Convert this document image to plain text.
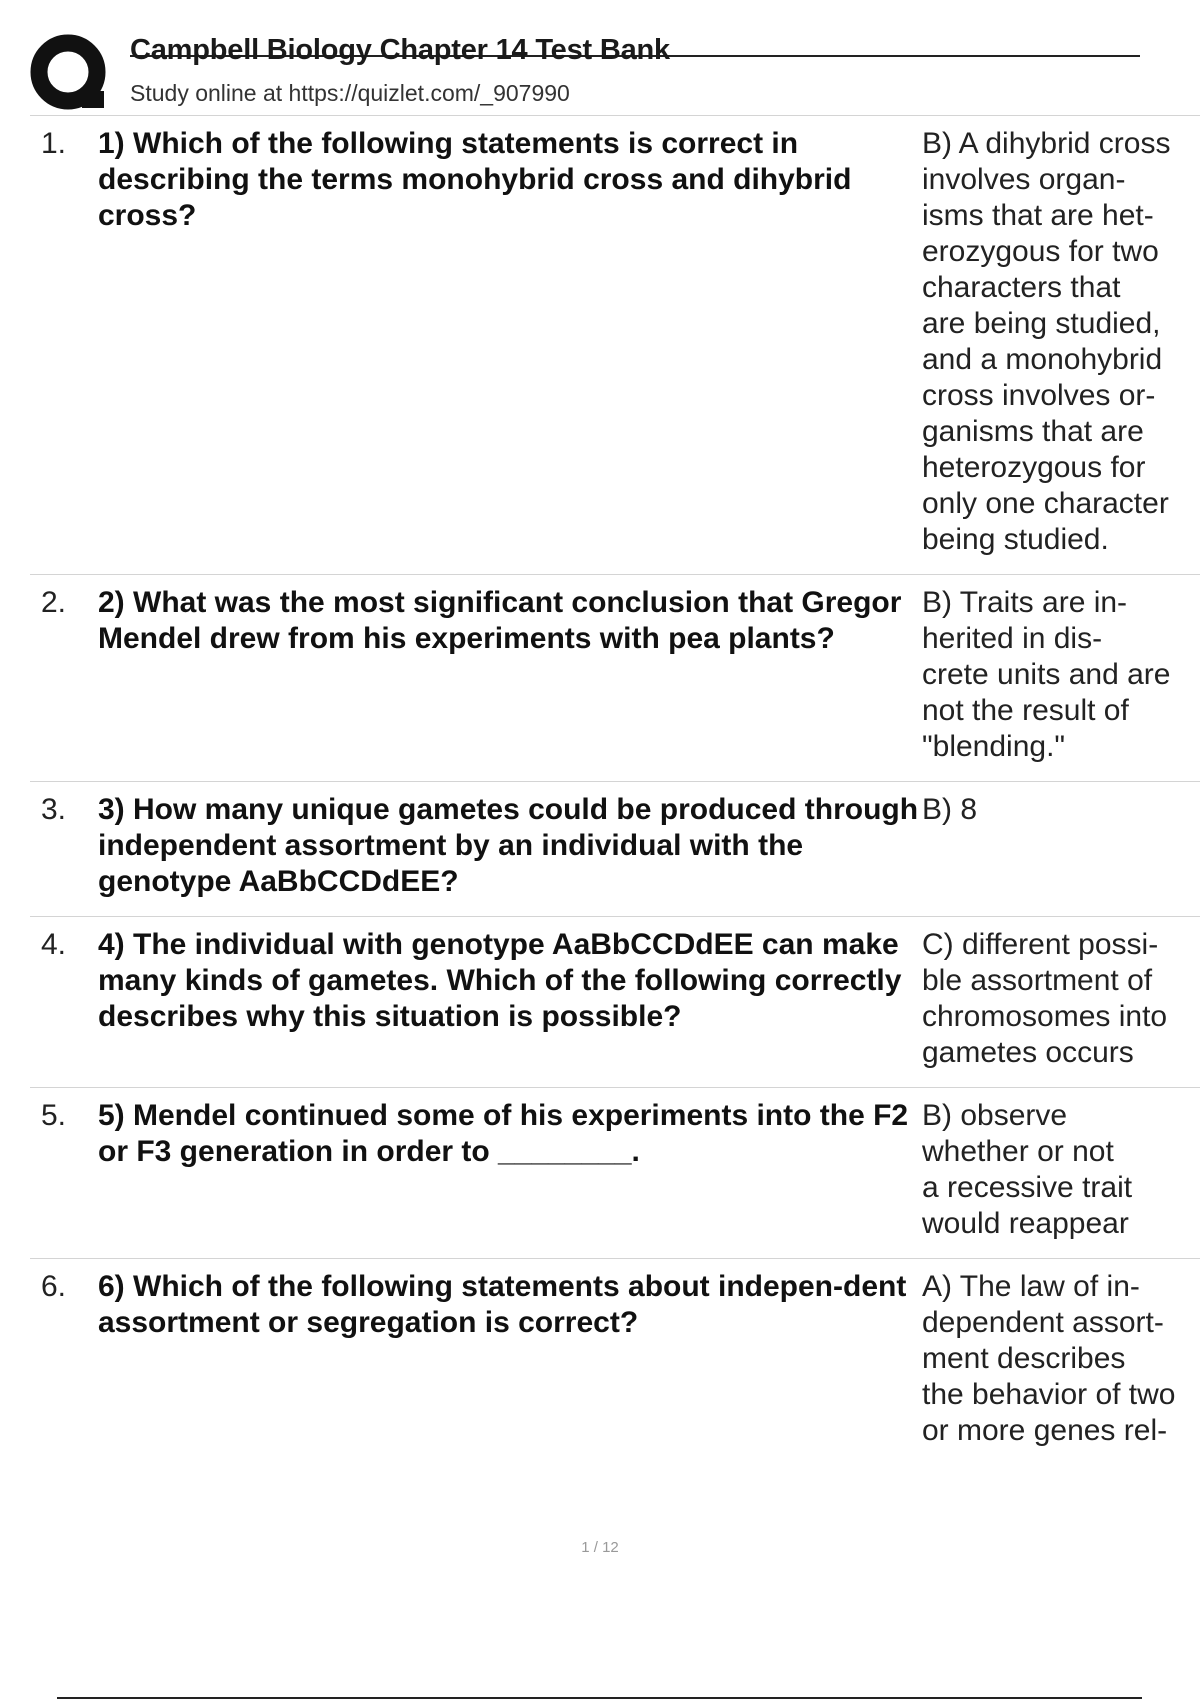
Campbell Biology Chapter 14 Test Bank
Study online at https://quizlet.com/_907990
1.	1) Which of the following statements is correct in describing the terms monohybrid cross and dihybrid cross?
B) A dihybrid cross
involves organ-
isms that are het-
erozygous for two
characters that
are being studied,
and a monohybrid
cross involves or-
ganisms that are
heterozygous for
only one character
being studied.
2.	2) What was the most significant conclusion that Gregor Mendel drew from his experiments with pea plants?
B) Traits are in-
herited in dis-
crete units and are
not the result of
"blending."
3.	3) How many unique gametes could be produced through independent assortment by an individual with the genotype AaBbCCDdEE?
B) 8
4.	4) The individual with genotype AaBbCCDdEE can make many kinds of gametes. Which of the following correctly describes why this situation is possible?
C) different possi-
ble assortment of
chromosomes into
gametes occurs
5.	5) Mendel continued some of his experiments into the F2 or F3 generation in order to ________.
B) observe
whether or not
a recessive trait
would reappear
6.	6) Which of the following statements about indepen-dent assortment or segregation is correct?
A) The law of in-
dependent assort-
ment describes
the behavior of two
or more genes rel-
1 / 12
